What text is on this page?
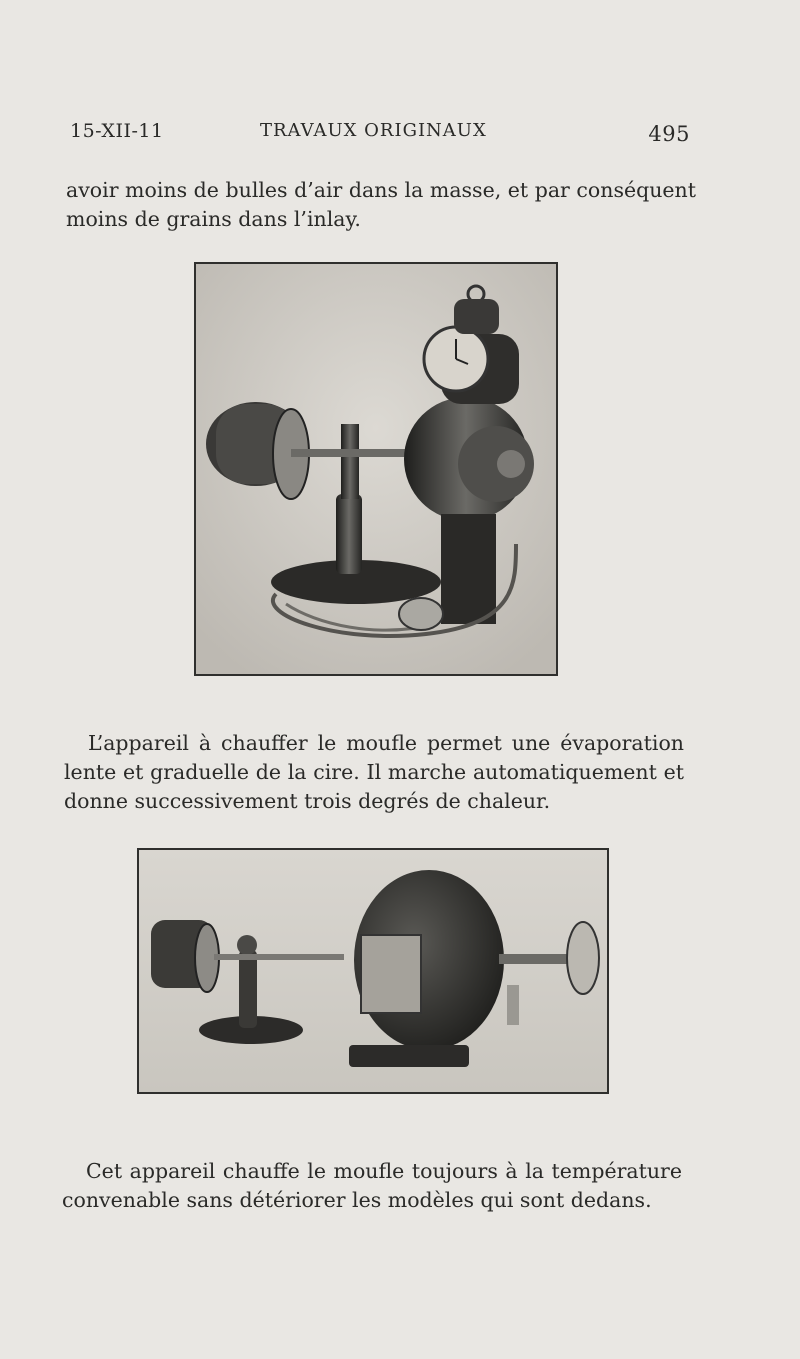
15-XII-11	TRAVAUX ORIGINAUX	495

avoir moins de bulles d’air dans la masse, et par conséquent moins de grains dans l’inlay.

L’appareil à chauffer le moufle permet une évaporation lente et graduelle de la cire. Il marche automatiquement et donne successivement trois degrés de chaleur.

Cet appareil chauffe le moufle toujours à la température convenable sans détériorer les modèles qui sont dedans.
